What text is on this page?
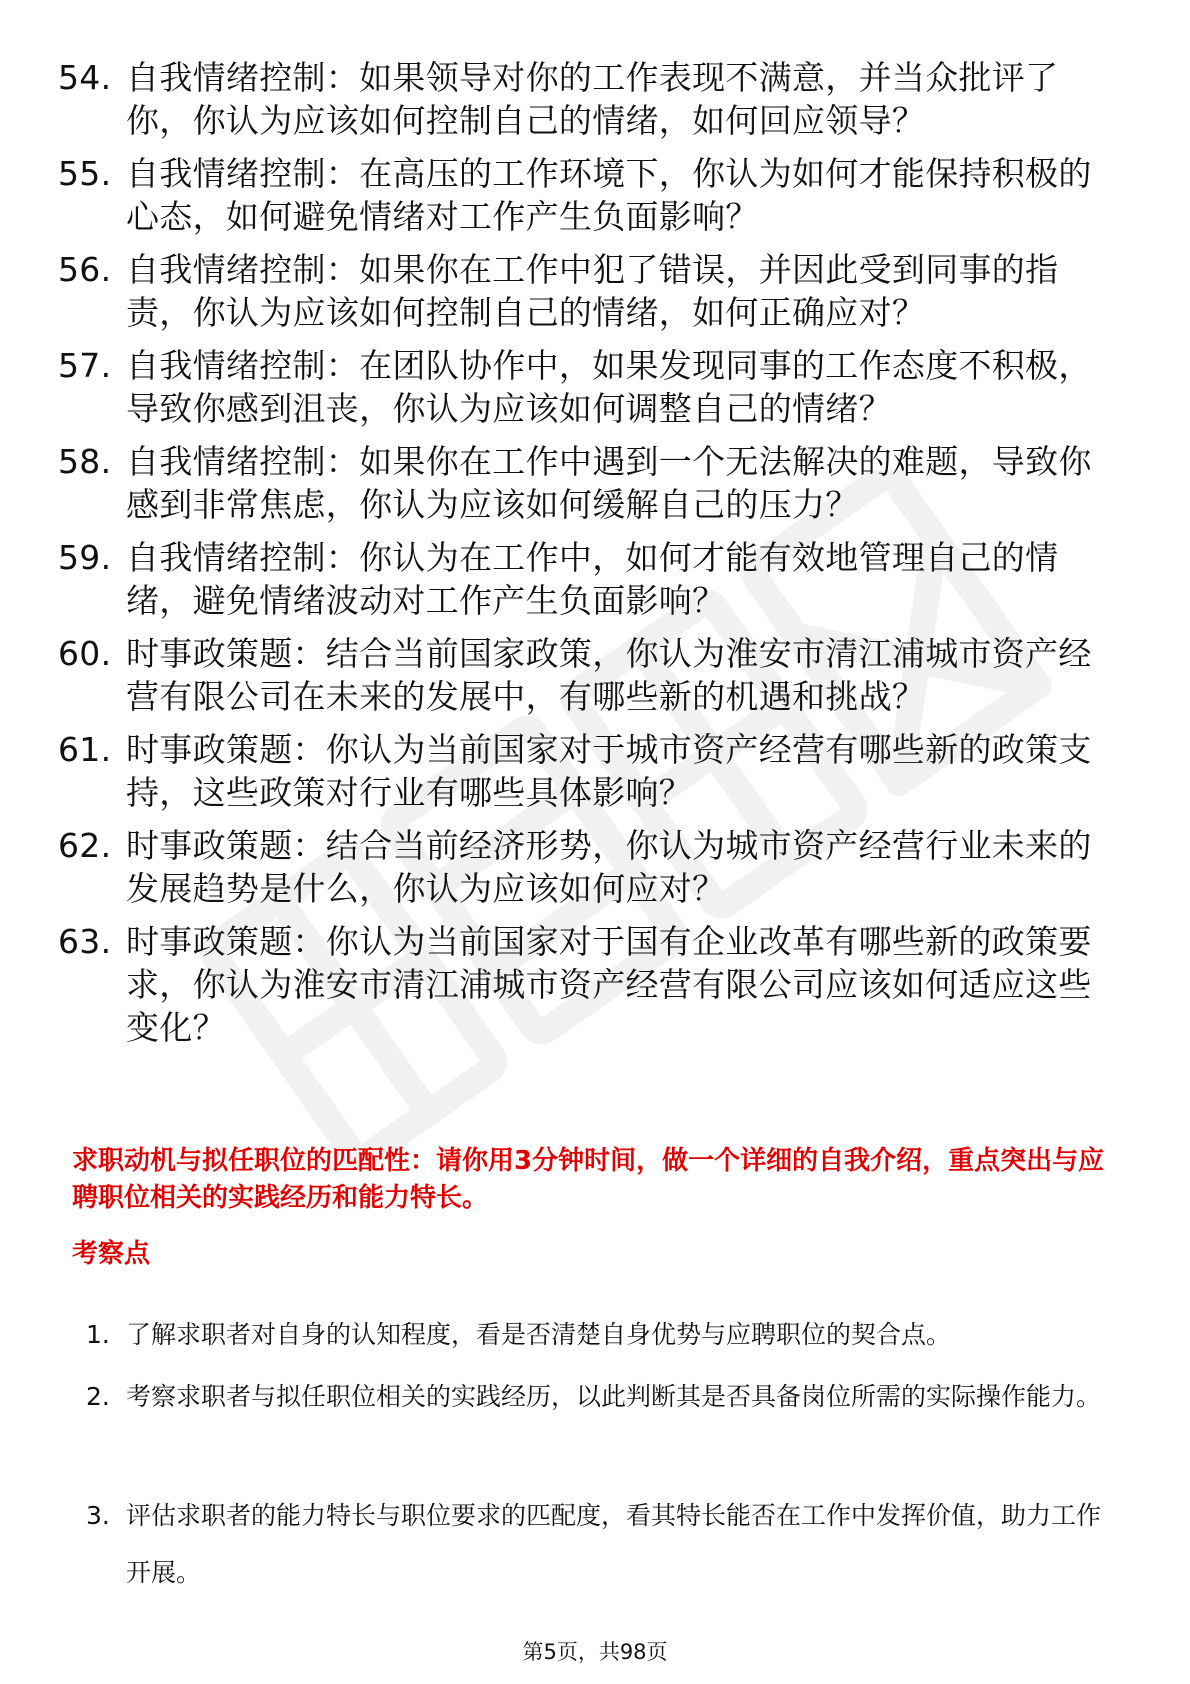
54. 自我情绪控制：如果领导对你的工作表现不满意，并当众批评了你，你认为应该如何控制自己的情绪，如何回应领导？
55. 自我情绪控制：在高压的工作环境下，你认为如何才能保持积极的心态，如何避免情绪对工作产生负面影响？
56. 自我情绪控制：如果你在工作中犯了错误，并因此受到同事的指责，你认为应该如何控制自己的情绪，如何正确应对？
57. 自我情绪控制：在团队协作中，如果发现同事的工作态度不积极，导致你感到沮丧，你认为应该如何调整自己的情绪？
58. 自我情绪控制：如果你在工作中遇到一个无法解决的难题，导致你感到非常焦虑，你认为应该如何缓解自己的压力？
59. 自我情绪控制：你认为在工作中，如何才能有效地管理自己的情绪，避免情绪波动对工作产生负面影响？
60. 时事政策题：结合当前国家政策，你认为淮安市清江浦城市资产经营有限公司在未来的发展中，有哪些新的机遇和挑战？
61. 时事政策题：你认为当前国家对于城市资产经营有哪些新的政策支持，这些政策对行业有哪些具体影响？
62. 时事政策题：结合当前经济形势，你认为城市资产经营行业未来的发展趋势是什么，你认为应该如何应对？
63. 时事政策题：你认为当前国家对于国有企业改革有哪些新的政策要求，你认为淮安市清江浦城市资产经营有限公司应该如何适应这些变化？
求职动机与拟任职位的匹配性：请你用3分钟时间，做一个详细的自我介绍，重点突出与应聘职位相关的实践经历和能力特长。
考察点
1. 了解求职者对自身的认知程度，看是否清楚自身优势与应聘职位的契合点。
2. 考察求职者与拟任职位相关的实践经历，以此判断其是否具备岗位所需的实际操作能力。
3. 评估求职者的能力特长与职位要求的匹配度，看其特长能否在工作中发挥价值，助力工作开展。
第5页，共98页
